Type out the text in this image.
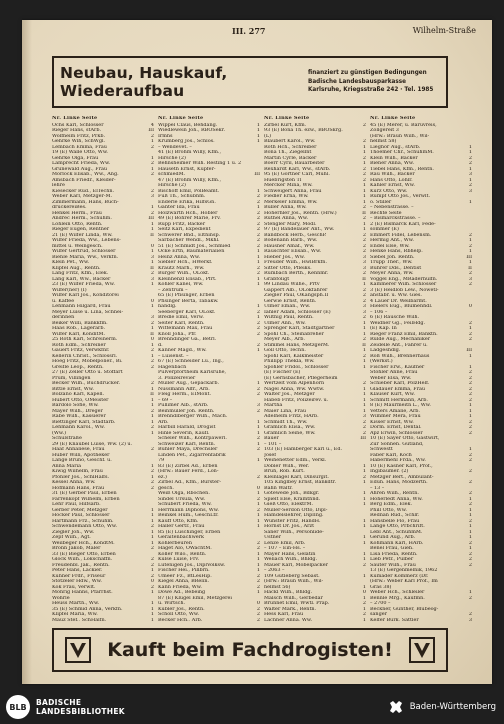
III. 277	Wilhelm-Straße
Neubau, Hauskauf, Wiederaufbau
finanziert zu günstigen Bedingungen
Badische Landesbausparkasse
Karlsruhe, Kriegsstraße 242 · Tel. 1985
Nr. Linke Seite
Ochs Karl, Schlosser	4
Rieger Hans, stArb.	III
Wolfheim Fritz, Prkb.	2
Gehrke Wlh, SchWgl.	1
Lembach Emma, Frau	2
19 (E) Walle Otto, Ww.
Gehrke Olga, Frau	1
Lamprecht Frieda, Ww.	2
Grünewald Aug., Frau	1
Morlock Elisab., Ww., Ang.	2
Amsbach Friedr., Kleider-
lehre
Kiesecker Rud., ElTechn.	2
Weber Karl, Metzger-M.	3
Zimmermann, Hans, Buch-
druckereiBes.	1
Henkel Herm., Frau	2
Andrec Herm., Schuhm.	III
Lohlein Otto, Rentn.	1
Rieger Eugen, Rentner	1
21 (E) Wilfer Linda, Ww.	II
Wilfer Frieda, Ww., Lebens-
mittel u. Weingesch.	0
Wilfer Gertrud, Schlosser	1
Biehle Maria, Ww., Verkfn.	3
Klein Pet., Ww.	1
Klipfel Aug., Rentn.	II
Lang Fritz, Kfm., Elek.	2
Lang Karl, Ww., Bäcker	3
23 (E) Wilfer Frieda, Ww.	1
Wilfer(ner) (I)
Wilfer Karl Jos., Konditorei
u. Kaffee	0
Lehmann Hilgard, Frau	1
Meyer Luise u. Lina, Schnei-
derinnen	3
Beiker Willi, Bankkfm.	2
Haas Rob., Lagerarb.	1
Wilfer Karl, KonditM.	II
25 Roth Karl, Schreinerm.	0
Roth Edm., Schreiner	1
Gauert Fritz, Verwkfnr.	2
Kellerin Christ., Schlossrl.	1
Hoeg Fritz, Möbelpolier., Bi.	2
Greifle Leop., Rentn.	2
27 (E) Zeller Otto u. Stoffart
Prüm, Villingen
Becker Wilh., Buchdrucker.	2
Bittle Ernst, Ww.	1
Bolzano Karl, Kapell.	II
Hubert Otto, OMeister	1
Bardolo Sofie, Ww.	1
Mayer Wilh., Dreger	2
Rabe Wilh., Kassierer	1
Biettinger Karl, Stadtarb.	1
Lehmann Karol., Ww.	2
(Ww.)	1
Schulstraße
29 (E) Knaubel Luise, Ww. (2) u.
Haaf Annaliese, Frau	2
Huber Willi, Apotheker
Lange Bruno, Geschf. u.
Anna Maria	1
Kiwig Wilhelm, Frau	2
Pfohler Jos., SchlHalfs.	1
Kessel Anna, Ww.	2
Hofmann Hans, Frau	2
31 (E) Gerber Paul, Erben
Farrenkopf Wilhelm, Erben
Lehr Paul, Hilfsarb.
Gerber Peter, Metzger	1
Hocker Paul, Schlosser	1
Hartmann Frz., Schuhm.	1
Schwendemann Otto, Ww.	2
Ziegler Joh., Ww.	1
Zepf Wilh., Agt.	1
Weilbeger Hch., KondtM.	1
Bronn Jakob, Maler	2
33 (E) Bieger Otto, Erben
Glock Wilh., Lokschaffn.	2
Freudenbl. Jak., Rentn.	2
Peter Hans, Lackier.	1
Kühner Frdr., Friseur	2
Stotzeler Hdw., Ww.	0
Kok Frau, Verwlt.	2
Möhrig Hanns, Pfarrhst.	1
Wohrle
Heuss Marth., Ww.	1
35 (E) Schmid Anna, Verkfn.	1
Klipfel Maria, Ww.	1
Mauz Stef., SchHalfn.	1
Nr. Linke Seite
Wippel Claus, Behdang.	1
Wiedlewein Joh., RBOSekr.	1
Irmhs	1
Krumberg Jos., Schlos.	1
– Wendevet. –
41 (E) Brohm Willy, Kfm.,
Hirsche (2)
Behnsheimer Wilh. Resting 1 u. 2
Hauseth Ernst, Kupfer-
schmiedM.	III
47 (E) Brohm Willy, Kfm.,
Hirsche (2)
Bischoff Emil, PolBeamt.	1
Fuß Th., Schubhm.	2
Enderle Erika, HilfsGn.	2
Ganter Ida, Frau	1
Holzwarth Hch., Hobler	2
49 (E) Bohrer Marie, Frv.	2
Rupp Fritz, Bäcker	2
Seitz Karl, Expedient	2
Schwerer Bnd., Elthinsp.	2
Sarbacher Wendl., Mkhl.	2
51 (E) Schmidt Jos., Schmied	2
Ocke Erth, Baumaterialien	1
Heinz Anna, Ww.	1
Siebler Hch., HWerkf.	1
Krautz Marh., Ww.	2
Burger Wilh., OLokf.	2
Kleinhenzl Elisab., Pfrt.	1
Köhler Kanel, Ww.	1
– Zentrum –
65 (E) Pfisinger, Erben
Pfisinger Berta, Tabakw.
handlg.	1
Seeberger Karl, OLokf.	2
Bredle Emil, Verw.	1
Seiter Karl, Rentn.	2
Wittemann Max, Frau	2
Knoll Joha., Pfr.	2
Brenndinger Ga., Betrl.
d.	2
Kanner Magd., Ww.	1
– Luisenst. –
67 (E) Schneider Lu., Ing.,
Hagenbach
Pulverpfortheim Karlsruhe,
3. Polizeirevier
Müller Aug., Gepäckarb.	1
Nussmann Alfr., Arb.	2
Fleig Herm., EIMont.	2
– 69 –
Pullimer Alb., stArb.	3
Beinmüller Joh. Rentn.	2
Brenndlberger Wilh., Mach.
Arb.	1
Harbill Harald, Drogist	1
Hinle Severin, Kaufl.	1
Scheler Wilh., Kontrpäwerl.	2
Schweizer Karl, Rentn.	1
Bühler Maya, Drechsler	2
Linden Pet., Zigarrenfabrik
79	1
83 (E) Zirbel Ad., Erben
(Hrw.: Bauer Ferd., Lon-
ez.)	2
Zirbel Ad., Kfm., Bürster-
gesch.	0
Weiß Olga, Rbochen.	1
Sindel Ursula, Ww.	2
Schubert Frieda, Ww.	1
Herrmann Diphons, Ww.	2
Beinkel Hum., GeschLtr.	1
Kauff Otto, Kfm.	1
Haller Gertr., Frau	1
85 (E) Luschinger, Erben
Geraitenbachwerk
Kohlerbeuren	2
Haget Alo, OWachtM.	2
Koller Wilo., Rentn.	1
Kulse Luise, Frv.	1
Lutenigen Jos., DiplVolksw.	1
Fischer Hei., Pillbrn.	1
Umeer Fz., BtLesHip.	2
Kiegel Anna, BRelin.	2
Kann Frieda, Ww.	2
Dowe Ad., Bebeing	1
87 (E) Klugel Emil, Metzgerei
u. Wirtsch.	0
Kübler Jos., Rentn.	2
Scholl Otto, Ww.	2
Becker Hch., Arb.	2
Nr. Linke Seite
Zirbel Kurt, Kfm.	2
93 (E) Bona Th. ezw., BBOSkrg.
(L)
Blaubert Karol., Ww.	2
Roth Hch., Schreiber	1
Bona Th., Ziegellnt	1
Martin Cyrle, Bäcker	2
Boerr Cyril, Bauarbeiter	1
Rexhardt Karl, Ww., stArb.	2
95 (E) Görtner Carl, Mühl.	2
Huebrigsten Tl	2
Mercker Mina, Ww.	1
Schweigert Anna, Frau	1
Fiedler Erna, Ww.	1
Merkeler Emma, Ww.	1
Buller Anna, Ww.	2
Hoherhler Jos., Rentn. (Hrw.)	II
Ruthel Anna, Ww.	2
Stengler Mary, Modl.	1
97 (E) Bandelauer Ant., Ww.	1
Bandbock Herb., GeschP.	2
Bodenann Barb., Ww.	2
Hausner Amaf., Ww.	2
Räuschter Elisab., Ww.	2
Hieber Jos., Ww.	3
Freuder Wilh., HwlBrkfn.	3
Sitter Otto, Pfleiks.	3
Rumbach Berth., Kennmr.	2
Grabfoligt	II
99 Lindau Wilhe., Prtv	1
Gäppert Alb., OLokfahrer	2
Ziegler Paul, OKangsph.II	2
Gerwie Ernst, Rentn.	2
Ulmer Eman., Ww.	3
Iahler Adam, Schlosser (E)	3
Wilthig Paul, Rentn.	2
Ulmer Ann., Ww.	1
Sprenger Karl, Stadtgartner	1
Spohl Ch., Steinabreher	1
Meyer Alb., Arb.	2
Stimmel Hans, MetzgerM.	II
Goll Otto, Techn.	1
Spohl Karl, Kalkmeister	2
Phillipp Thekla, Ww.	1
Spohler Fridol., Schlosser	1
(E) Fischer (E)
(E) Gernsbacher, Pflegerheim
Wertzelt vom Alpenhorn	2
Nagel Anna, Ww. Wwtw.	1
Walter Jos., Metzger	1
Habeb Fritz, Polizeirev. u.	1
Martha	1
Maier Lina, Frau	1
Adelhelm Fritz, HArb.	3
Schmidt Th., Ww.	2
Gramlich Elisa., Ww.	2
Gramlich Seine, Ww.	2
Bauer	III
– 101 –
103 (E) Hamberger Karl u., Ed.
Josef
Weihenetter Edm., Verkl.
Dobler Wilh., Wer.	1
Bruh, Rob. Kurt.	1
Kleinlagel Karl, Dinsurgit.	2
105 Kinglbey Ernst, Bankdtr.	1
Bahn Waltr.
Gotewede Joh., Bdkgr.	1
Spielt Else, Kramthnd.	1
Gieß Otto, ElektrM.	1
Müller-Serdon Otto, Dipl-
Hamdelslehrer, DiplIng.
Wünster Fritz, HandH.	1
Hornst Dr. Jos., Arzt	1
Saner Wilh., Personlide-
Ustner	1
Lenze Emil, Arb.	1
– 107 – Ein-Hs. –
Mayer Hans, Gelatin	1
Weliach Wilh., Bhldg.	1
Mauer Karl, Möbelpacker	2
– 2063 –
109 Gutleberg Sebast.	1
(Hrw.: Braun Wilh., Wil-
helmst 56)	1
Hackl Wilh., Bhldg.	0
Malsch Wilh., Gerbedar	1
Brunnet Emil, Wwtl. Prap.	2
Walter Mark., Rentn.	1
Hess Karl, Frau	2
Lachner Anna, Ww.	1
Nr. Linke Seite
45 (E) Merer, u. Baruvreis,
Zollgereit 3
(Hrw.: Braun Wilh., Wil-
helmst 58)
Lieghor Aug., stArb.	1
Thoemer Chr., SchuhmM.	1
Klein Wilh., Bäcker	2
Biener Anna, Ww.	2
Tiebel Hans, Kfm., Rentn.	1
Rau Wilh., Bäcker	3
Hans Otto, Lohlr.	1
Kahler Ernst, Ww.	2
Kurz Otto, Ww.	3
Rumpf Otto Jos., Verwlt.
o. Stiller	1
– Nebenstrasse. –
Rechte Seite
– Bismarckstrasse. –
2 (E) Bismarck Karl, Fede-
sommer (E)
Emmert Fidel, Lebensm.	2
Hermig Ant., Ww.	1
Endel Else, Ww.	2
Henke Hans, Rbhelp.	1
Siebel Joh. Rentn.	III
Trupp Ther., Ww.	1
Buhrer Dds., Dentist	II
Meyer Anna, Ww.	2
Vöggel Eng., MRaderhulfn.	3
Kammerer Wilh. Schlosser	2
3 (E) Heidlob Lew., Nowetl-
anstabr. u. Ww. Gies.
4 Lauer Dr. Weilbarmt.
Hielers Eug., Blumenhdl.	0
– 106 –
6 (E) Rausche Wilh.
Weidner Gg., FeilHdg.	2
(E) Kap. In	1
Rieger Franz Emil, Bankth.	2
Rulde Aug., Mechaniker	2
Zeidelle Ant., Fahrer u.
Ladgeshdlg.	III
Roß Wilh., Brennerhaus	1
(Werkst.)
Fischer Erw., Kaufner	1
Stöhler Anne, Frau	2
Weber Elsa, Ww.	2
Schieber Karl, PolzHelf.	2
Gladauer Emma, Frau	2
Klauser Kurt, Ww.	2
Schmitt Hermann, Arb.	2
8 (E) Maurmeitn L., Ww.	1
Vetters Amalie, Arb.	1
Wimmer Mera, Frau	1
Kisser Ernst, Ww.	2
Dorm. Ernst, Dental.	2
Apz Erwin, Schlosser	2
10 (E) Sayer Otto, Gastwirt,
Zur Sonnen. Gutland,
Schwestt	1
Faber Karl, Koch	2
Habermehl Frda., Ww.	2
10 (E) Kasner Karl, Prof.,
Ingibaumer. (2)	2
Metzger Bert., Ambulant-
Eduh. Hans, Modzerth.	2
– 13 –
Ahren Wilh., Rentn.	2
Hoherledt Anna, Ww.	1
Berg Edm., Elek.	2
Phill Otto, Ww.	1
Rednan Rud., Schlr.	1
Hansbelle Flo, Frau	2
Lange Otto, Prbchrift.	1
Lebl Ant., SchuhmM.	1
Gerund Aug., Arb.	1
Kohmann Karl, HArb.	2
Benel Frau, Gieh.	1
Lisa Frieda, Rentn.	2
Lieb Petr., Pulber	2
Sauter Wilh., Frau	2
13 (E) Gergenmelnik, 1962
Kumader Kommerz (Dr.
(Hrw.: Weber Karl Prof., Im
Gras 38)
Weber Hch., Schleiler	1
Bennle Mrg., Kaufmn.	2
– 2700 –
Beckner, Günther, Blübeog-
sanger	2
Kelfer Burk, Sattler	3
Kauft beim Fachdrogisten!
BLB	BADISCHE
LANDESBIBLIOTHEK	Baden-Württemberg
